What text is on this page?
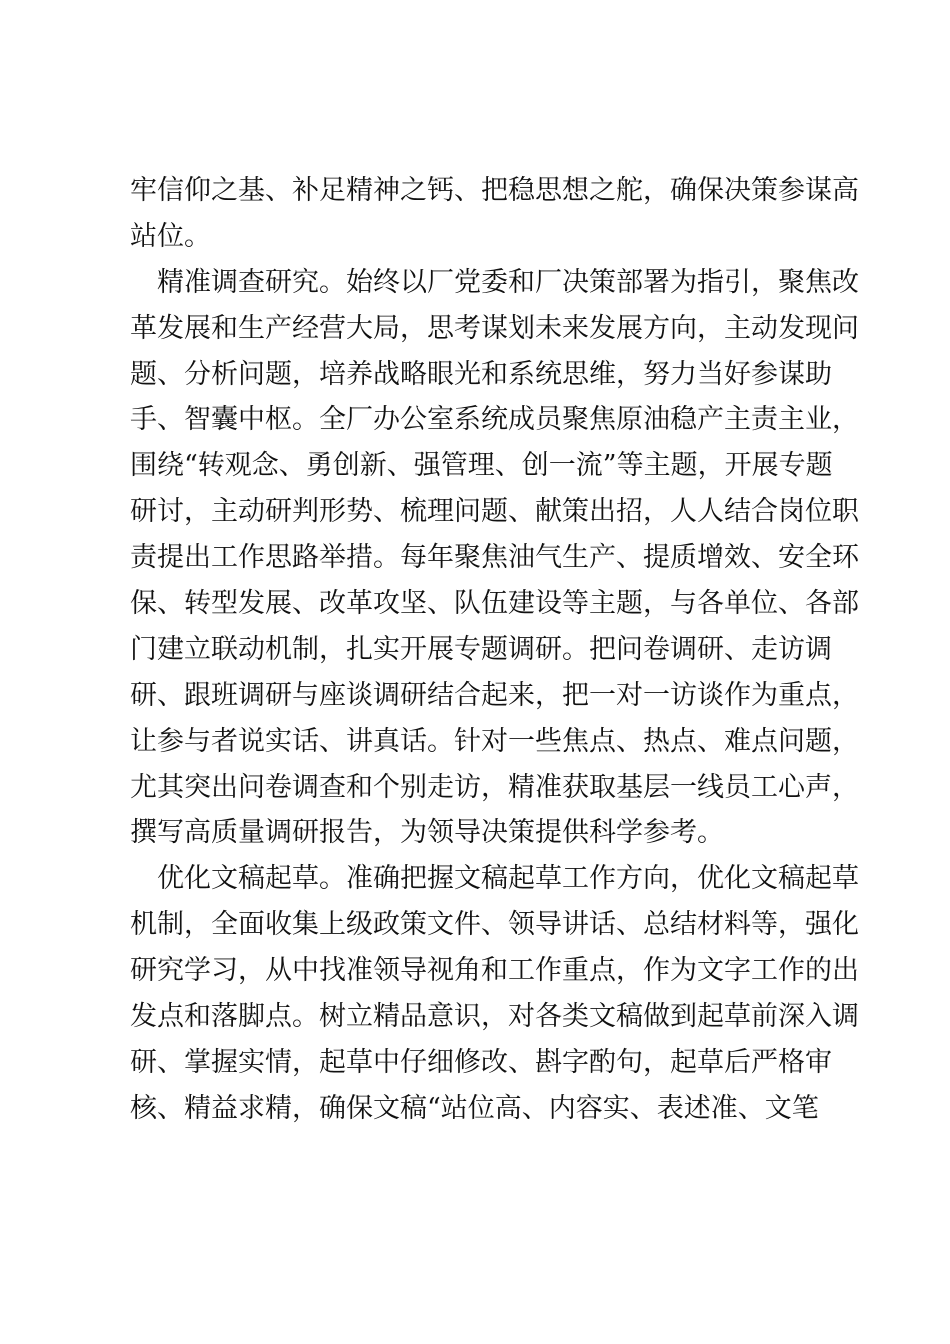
牢信仰之基、补足精神之钙、把稳思想之舵，确保决策参谋高
站位。
精准调查研究。始终以厂党委和厂决策部署为指引，聚焦改
革发展和生产经营大局，思考谋划未来发展方向，主动发现问
题、分析问题，培养战略眼光和系统思维，努力当好参谋助
手、智囊中枢。全厂办公室系统成员聚焦原油稳产主责主业，
围绕“转观念、勇创新、强管理、创一流”等主题，开展专题
研讨，主动研判形势、梳理问题、献策出招，人人结合岗位职
责提出工作思路举措。每年聚焦油气生产、提质增效、安全环
保、转型发展、改革攻坚、队伍建设等主题，与各单位、各部
门建立联动机制，扎实开展专题调研。把问卷调研、走访调
研、跟班调研与座谈调研结合起来，把一对一访谈作为重点，
让参与者说实话、讲真话。针对一些焦点、热点、难点问题，
尤其突出问卷调查和个别走访，精准获取基层一线员工心声，
撰写高质量调研报告，为领导决策提供科学参考。
优化文稿起草。准确把握文稿起草工作方向，优化文稿起草
机制，全面收集上级政策文件、领导讲话、总结材料等，强化
研究学习，从中找准领导视角和工作重点，作为文字工作的出
发点和落脚点。树立精品意识，对各类文稿做到起草前深入调
研、掌握实情，起草中仔细修改、斟字酌句，起草后严格审
核、精益求精，确保文稿“站位高、内容实、表述准、文笔
